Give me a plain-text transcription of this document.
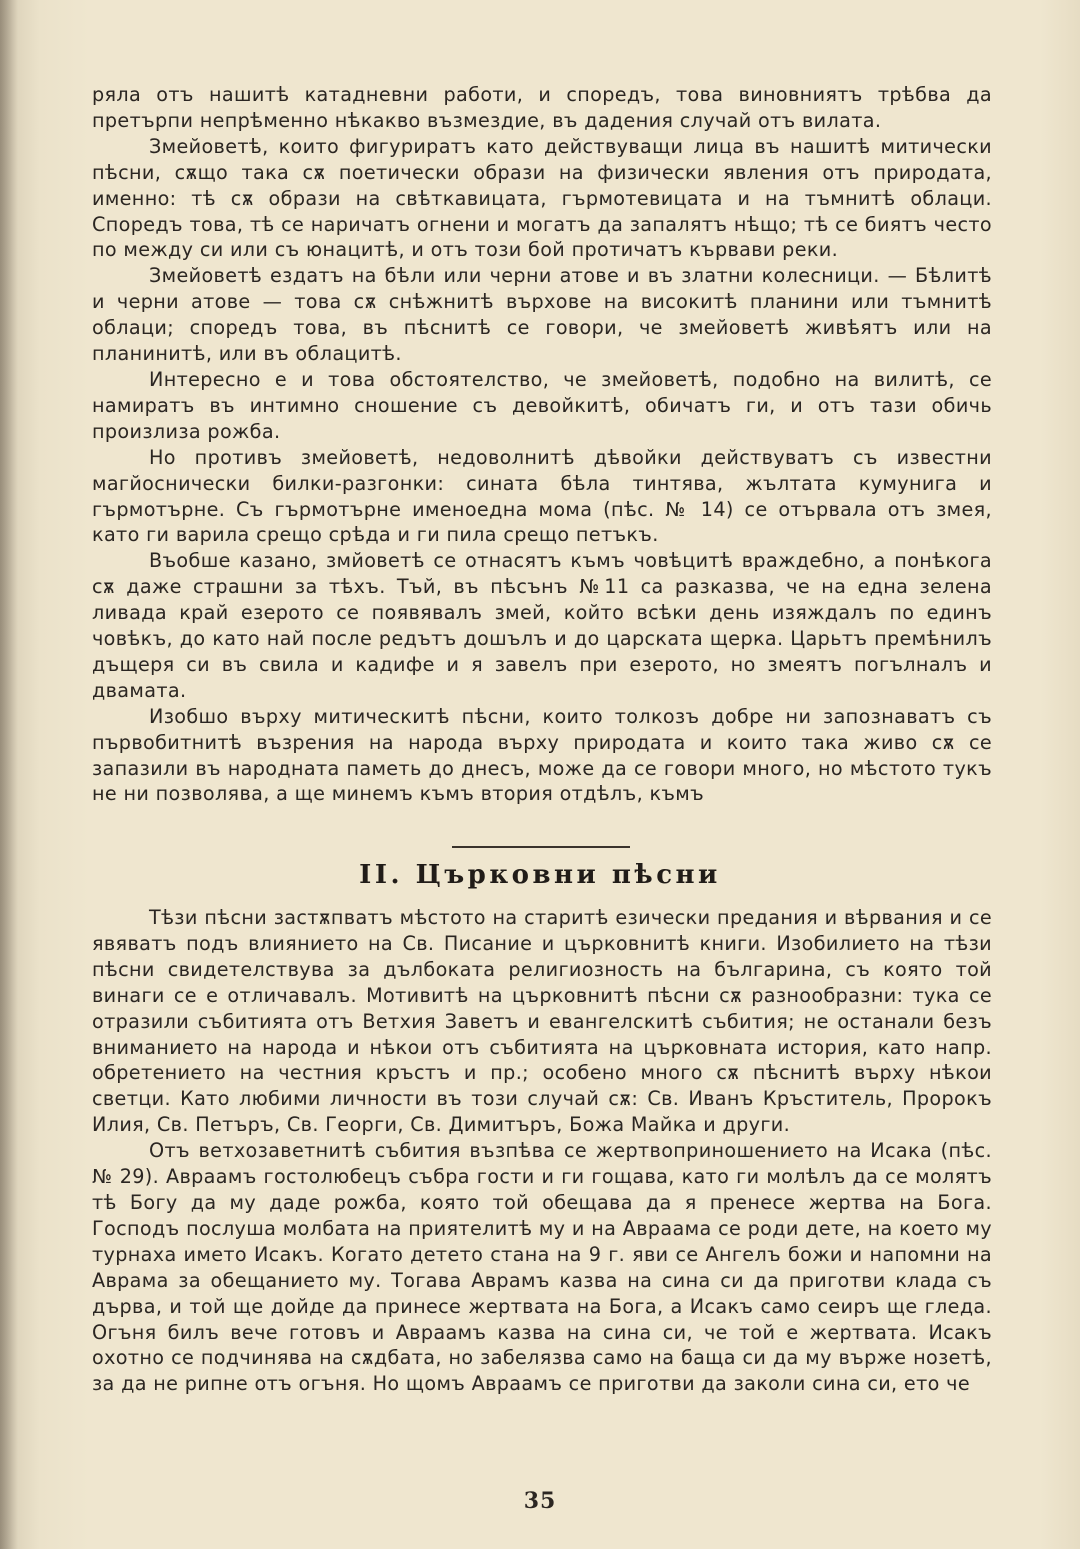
ряла отъ нашитѣ катадневни работи, и споредъ, това виновниятъ трѣбва да претърпи непрѣменно нѣкакво възмездие, въ дадения случай отъ вилата.

Змейоветѣ, които фигуриратъ като действуващи лица въ нашитѣ митически пѣсни, сѫщо така сѫ поетически образи на физически явления отъ природата, именно: тѣ сѫ образи на свѣткавицата, гърмотевицата и на тъмнитѣ облаци. Споредъ това, тѣ се наричатъ огнени и могатъ да запалятъ нѣщо; тѣ се биятъ често по между си или съ юнацитѣ, и отъ този бой протичатъ кървави реки.

Змейоветѣ ездатъ на бѣли или черни атове и въ златни колесници. — Бѣлитѣ и черни атове — това сѫ снѣжнитѣ върхове на високитѣ планини или тъмнитѣ облаци; споредъ това, въ пѣснитѣ се говори, че змейоветѣ живѣятъ или на планинитѣ, или въ облацитѣ.

Интересно е и това обстоятелство, че змейоветѣ, подобно на вилитѣ, се намиратъ въ интимно сношение съ девойкитѣ, обичатъ ги, и отъ тази обичь произлиза рожба.

Но противъ змейоветѣ, недоволнитѣ дѣвойки действуватъ съ известни магйоснически билки-разгонки: сината бѣла тинтява, жълтата кумунига и гърмотърне. Съ гърмотърне именоедна мома (пѣс. № 14) се отървала отъ змея, като ги варила срещо срѣда и ги пила срещо петъкъ.

Въобше казано, змйоветѣ се отнасятъ къмъ човѣцитѣ враждебно, а понѣкога сѫ даже страшни за тѣхъ. Тъй, въ пѣсънъ №11 са разказва, че на една зелена ливада край езерото се появявалъ змей, който всѣки день изяждалъ по единъ човѣкъ, до като най после редътъ дошълъ и до царската щерка. Царьтъ премѣнилъ дъщеря си въ свила и кадифе и я завелъ при езерото, но змеятъ погълналъ и двамата.

Изобшо върху митическитѣ пѣсни, които толкозъ добре ни запознаватъ съ първобитнитѣ възрения на народа върху природата и които така живо сѫ се запазили въ народната паметь до днесъ, може да се говори много, но мѣстото тукъ не ни позволява, а ще минемъ къмъ втория отдѣлъ, къмъ

II. Църковни пѣсни

Тѣзи пѣсни застѫпватъ мѣстото на старитѣ езически предания и вѣрвания и се явяватъ подъ влиянието на Св. Писание и църковнитѣ книги. Изобилието на тѣзи пѣсни свидетелствува за дълбоката религиозность на българина, съ която той винаги се е отличавалъ. Мотивитѣ на църковнитѣ пѣсни сѫ разнообразни: тука се отразили събитията отъ Ветхия Заветъ и евангелскитѣ събития; не останали безъ вниманието на народа и нѣкои отъ събитията на църковната история, като напр. обретението на честния кръстъ и пр.; особено много сѫ пѣснитѣ върху нѣкои светци. Като любими личности въ този случай сѫ: Св. Иванъ Кръститель, Пророкъ Илия, Св. Петъръ, Св. Георги, Св. Димитъръ, Божа Майка и други.

Отъ ветхозаветнитѣ събития възпѣва се жертвоприношението на Исака (пѣс. № 29). Авраамъ гостолюбецъ събра гости и ги гощава, като ги молѣлъ да се молятъ тѣ Богу да му даде рожба, която той обещава да я пренесе жертва на Бога. Господъ послуша молбата на приятелитѣ му и на Авраама се роди дете, на което му турнаха името Исакъ. Когато детето стана на 9 г. яви се Ангелъ божи и напомни на Аврама за обещанието му. Тогава Аврамъ казва на сина си да приготви клада съ дърва, и той ще дойде да принесе жертвата на Бога, а Исакъ само сеиръ ще гледа. Огъня билъ вече готовъ и Авраамъ казва на сина си, че той е жертвата. Исакъ охотно се подчинява на сѫдбата, но забелязва само на баща си да му върже нозетѣ, за да не рипне отъ огъня. Но щомъ Авраамъ се приготви да заколи сина си, ето че

35
